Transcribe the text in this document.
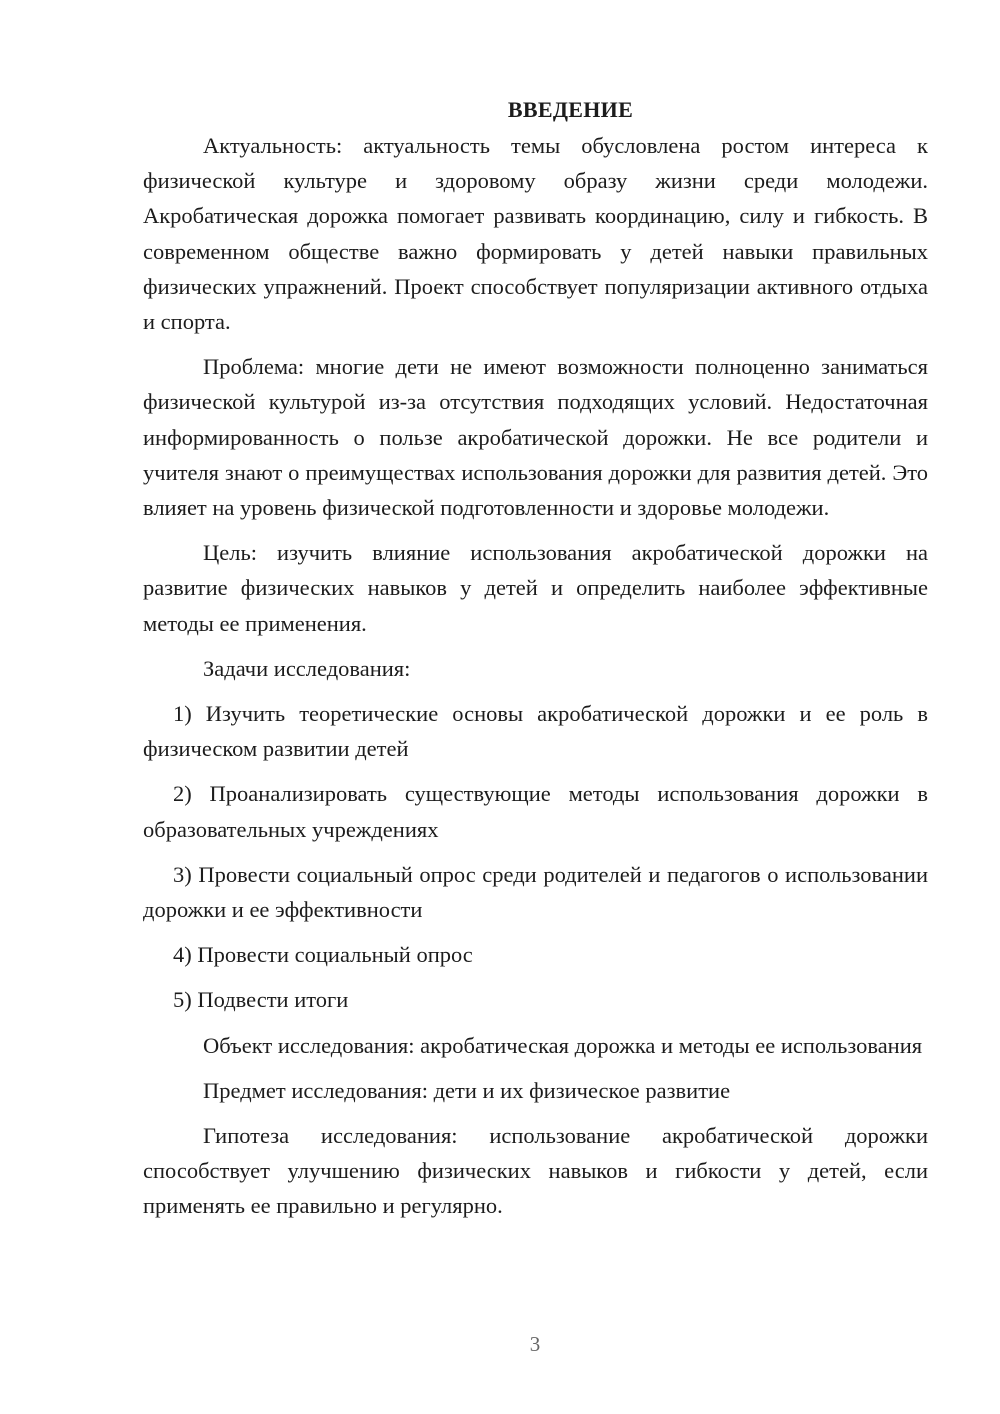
ВВЕДЕНИЕ

Актуальность: актуальность темы обусловлена ростом интереса к физической культуре и здоровому образу жизни среди молодежи. Акробатическая дорожка помогает развивать координацию, силу и гибкость. В современном обществе важно формировать у детей навыки правильных физических упражнений. Проект способствует популяризации активного отдыха и спорта.

Проблема: многие дети не имеют возможности полноценно заниматься физической культурой из-за отсутствия подходящих условий. Недостаточная информированность о пользе акробатической дорожки. Не все родители и учителя знают о преимуществах использования дорожки для развития детей. Это влияет на уровень физической подготовленности и здоровье молодежи.

Цель: изучить влияние использования акробатической дорожки на развитие физических навыков у детей и определить наиболее эффективные методы ее применения.

Задачи исследования:

1) Изучить теоретические основы акробатической дорожки и ее роль в физическом развитии детей

2) Проанализировать существующие методы использования дорожки в образовательных учреждениях

3) Провести социальный опрос среди родителей и педагогов о использовании дорожки и ее эффективности

4) Провести социальный опрос

5) Подвести итоги

Объект исследования: акробатическая дорожка и методы ее использования

Предмет исследования: дети и их физическое развитие

Гипотеза исследования: использование акробатической дорожки способствует улучшению физических навыков и гибкости у детей, если применять ее правильно и регулярно.

3
